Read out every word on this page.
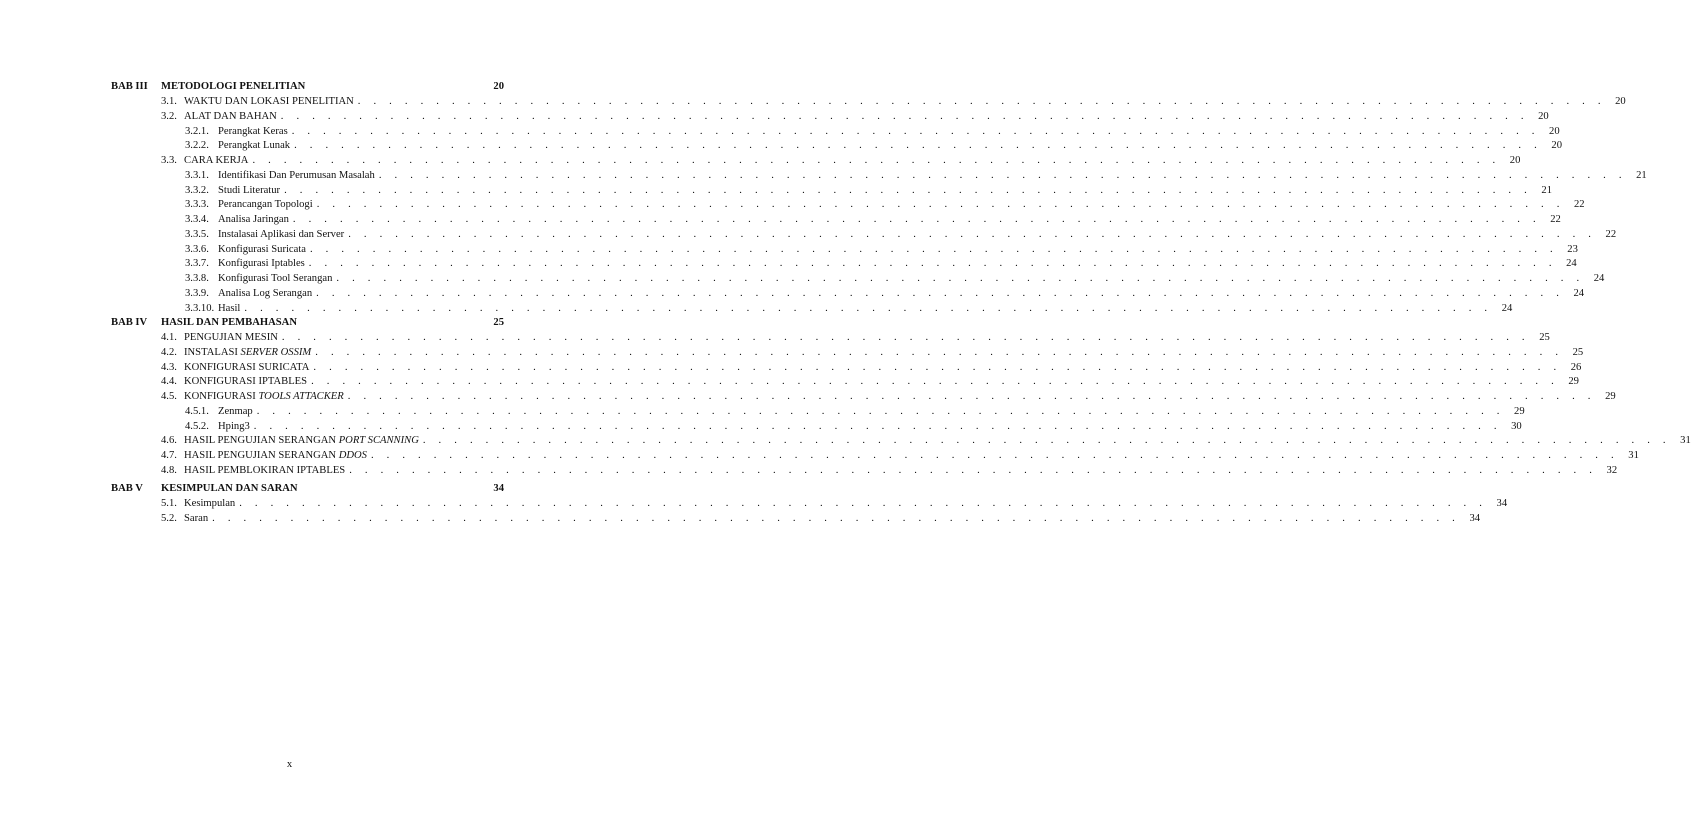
BAB III METODOLOGI PENELITIAN	20
3.1. WAKTU DAN LOKASI PENELITIAN . . . . . . . . . . . . . . . . . . . . . . . . . . . . . . . . . . . . . . . . . . . . . . . . . . . . . . . . . . . . . . . . . . . . . . . . . . . . . . . . 20
3.2. ALAT DAN BAHAN . . . . . . . . . . . . . . . . . . . . . . . . . . . . . . . . . . . . . . . . . . . . . . . . . . . . . . . . . . . . . . . . . . . . . . . . . . . . . . . . 20
3.2.1. Perangkat Keras . . . . . . . . . . . . . . . . . . . . . . . . . . . . . . . . . . . . . . . . . . . . . . . . . . . . . . . . . . . . . . . . . . . . . . . . . . . . . . . . 20
3.2.2. Perangkat Lunak . . . . . . . . . . . . . . . . . . . . . . . . . . . . . . . . . . . . . . . . . . . . . . . . . . . . . . . . . . . . . . . . . . . . . . . . . . . . . . . . 20
3.3. CARA KERJA . . . . . . . . . . . . . . . . . . . . . . . . . . . . . . . . . . . . . . . . . . . . . . . . . . . . . . . . . . . . . . . . . . . . . . . . . . . . . . . . 20
3.3.1. Identifikasi Dan Perumusan Masalah . . . . . . . . . . . . . . . . . . . . . . . . . . . . . . . . . . . . . . . . . . . . . . . . . . . . . . . . . . . . . . . . . . . . . . . . . . . . . . . . 21
3.3.2. Studi Literatur . . . . . . . . . . . . . . . . . . . . . . . . . . . . . . . . . . . . . . . . . . . . . . . . . . . . . . . . . . . . . . . . . . . . . . . . . . . . . . . . 21
3.3.3. Perancangan Topologi . . . . . . . . . . . . . . . . . . . . . . . . . . . . . . . . . . . . . . . . . . . . . . . . . . . . . . . . . . . . . . . . . . . . . . . . . . . . . . . . 22
3.3.4. Analisa Jaringan . . . . . . . . . . . . . . . . . . . . . . . . . . . . . . . . . . . . . . . . . . . . . . . . . . . . . . . . . . . . . . . . . . . . . . . . . . . . . . . . 22
3.3.5. Instalasai Aplikasi dan Server . . . . . . . . . . . . . . . . . . . . . . . . . . . . . . . . . . . . . . . . . . . . . . . . . . . . . . . . . . . . . . . . . . . . . . . . . . . . . . . . 22
3.3.6. Konfigurasi Suricata . . . . . . . . . . . . . . . . . . . . . . . . . . . . . . . . . . . . . . . . . . . . . . . . . . . . . . . . . . . . . . . . . . . . . . . . . . . . . . . . 23
3.3.7. Konfigurasi Iptables . . . . . . . . . . . . . . . . . . . . . . . . . . . . . . . . . . . . . . . . . . . . . . . . . . . . . . . . . . . . . . . . . . . . . . . . . . . . . . . . 24
3.3.8. Konfigurasi Tool Serangan . . . . . . . . . . . . . . . . . . . . . . . . . . . . . . . . . . . . . . . . . . . . . . . . . . . . . . . . . . . . . . . . . . . . . . . . . . . . . . . . 24
3.3.9. Analisa Log Serangan . . . . . . . . . . . . . . . . . . . . . . . . . . . . . . . . . . . . . . . . . . . . . . . . . . . . . . . . . . . . . . . . . . . . . . . . . . . . . . . . 24
3.3.10. Hasil . . . . . . . . . . . . . . . . . . . . . . . . . . . . . . . . . . . . . . . . . . . . . . . . . . . . . . . . . . . . . . . . . . . . . . . . . . . . . . . . 24
BAB IV HASIL DAN PEMBAHASAN	25
4.1. PENGUJIAN MESIN . . . . . . . . . . . . . . . . . . . . . . . . . . . . . . . . . . . . . . . . . . . . . . . . . . . . . . . . . . . . . . . . . . . . . . . . . . . . . . . . 25
4.2. INSTALASI SERVER OSSIM . . . . . . . . . . . . . . . . . . . . . . . . . . . . . . . . . . . . . . . . . . . . . . . . . . . . . . . . . . . . . . . . . . . . . . . . . . . . . . . . 25
4.3. KONFIGURASI SURICATA . . . . . . . . . . . . . . . . . . . . . . . . . . . . . . . . . . . . . . . . . . . . . . . . . . . . . . . . . . . . . . . . . . . . . . . . . . . . . . . . 26
4.4. KONFIGURASI IPTABLES . . . . . . . . . . . . . . . . . . . . . . . . . . . . . . . . . . . . . . . . . . . . . . . . . . . . . . . . . . . . . . . . . . . . . . . . . . . . . . . . 29
4.5. KONFIGURASI TOOLS ATTACKER . . . . . . . . . . . . . . . . . . . . . . . . . . . . . . . . . . . . . . . . . . . . . . . . . . . . . . . . . . . . . . . . . . . . . . . . . . . . . . . . 29
4.5.1. Zenmap . . . . . . . . . . . . . . . . . . . . . . . . . . . . . . . . . . . . . . . . . . . . . . . . . . . . . . . . . . . . . . . . . . . . . . . . . . . . . . . . 29
4.5.2. Hping3 . . . . . . . . . . . . . . . . . . . . . . . . . . . . . . . . . . . . . . . . . . . . . . . . . . . . . . . . . . . . . . . . . . . . . . . . . . . . . . . . 30
4.6. HASIL PENGUJIAN SERANGAN PORT SCANNING . . . . . . . . . . . . . . . . . . . . . . . . . . . . . . . . . . . . . . . . . . . . . . . . . . . . . . . . . . . . . . . . . . . . . . . . . . . . . . . . 31
4.7. HASIL PENGUJIAN SERANGAN DDOS . . . . . . . . . . . . . . . . . . . . . . . . . . . . . . . . . . . . . . . . . . . . . . . . . . . . . . . . . . . . . . . . . . . . . . . . . . . . . . . . 31
4.8. HASIL PEMBLOKIRAN IPTABLES . . . . . . . . . . . . . . . . . . . . . . . . . . . . . . . . . . . . . . . . . . . . . . . . . . . . . . . . . . . . . . . . . . . . . . . . . . . . . . . . 32
BAB V KESIMPULAN DAN SARAN	34
5.1. Kesimpulan . . . . . . . . . . . . . . . . . . . . . . . . . . . . . . . . . . . . . . . . . . . . . . . . . . . . . . . . . . . . . . . . . . . . . . . . . . . . . . . . 34
5.2. Saran . . . . . . . . . . . . . . . . . . . . . . . . . . . . . . . . . . . . . . . . . . . . . . . . . . . . . . . . . . . . . . . . . . . . . . . . . . . . . . . . 34
x
